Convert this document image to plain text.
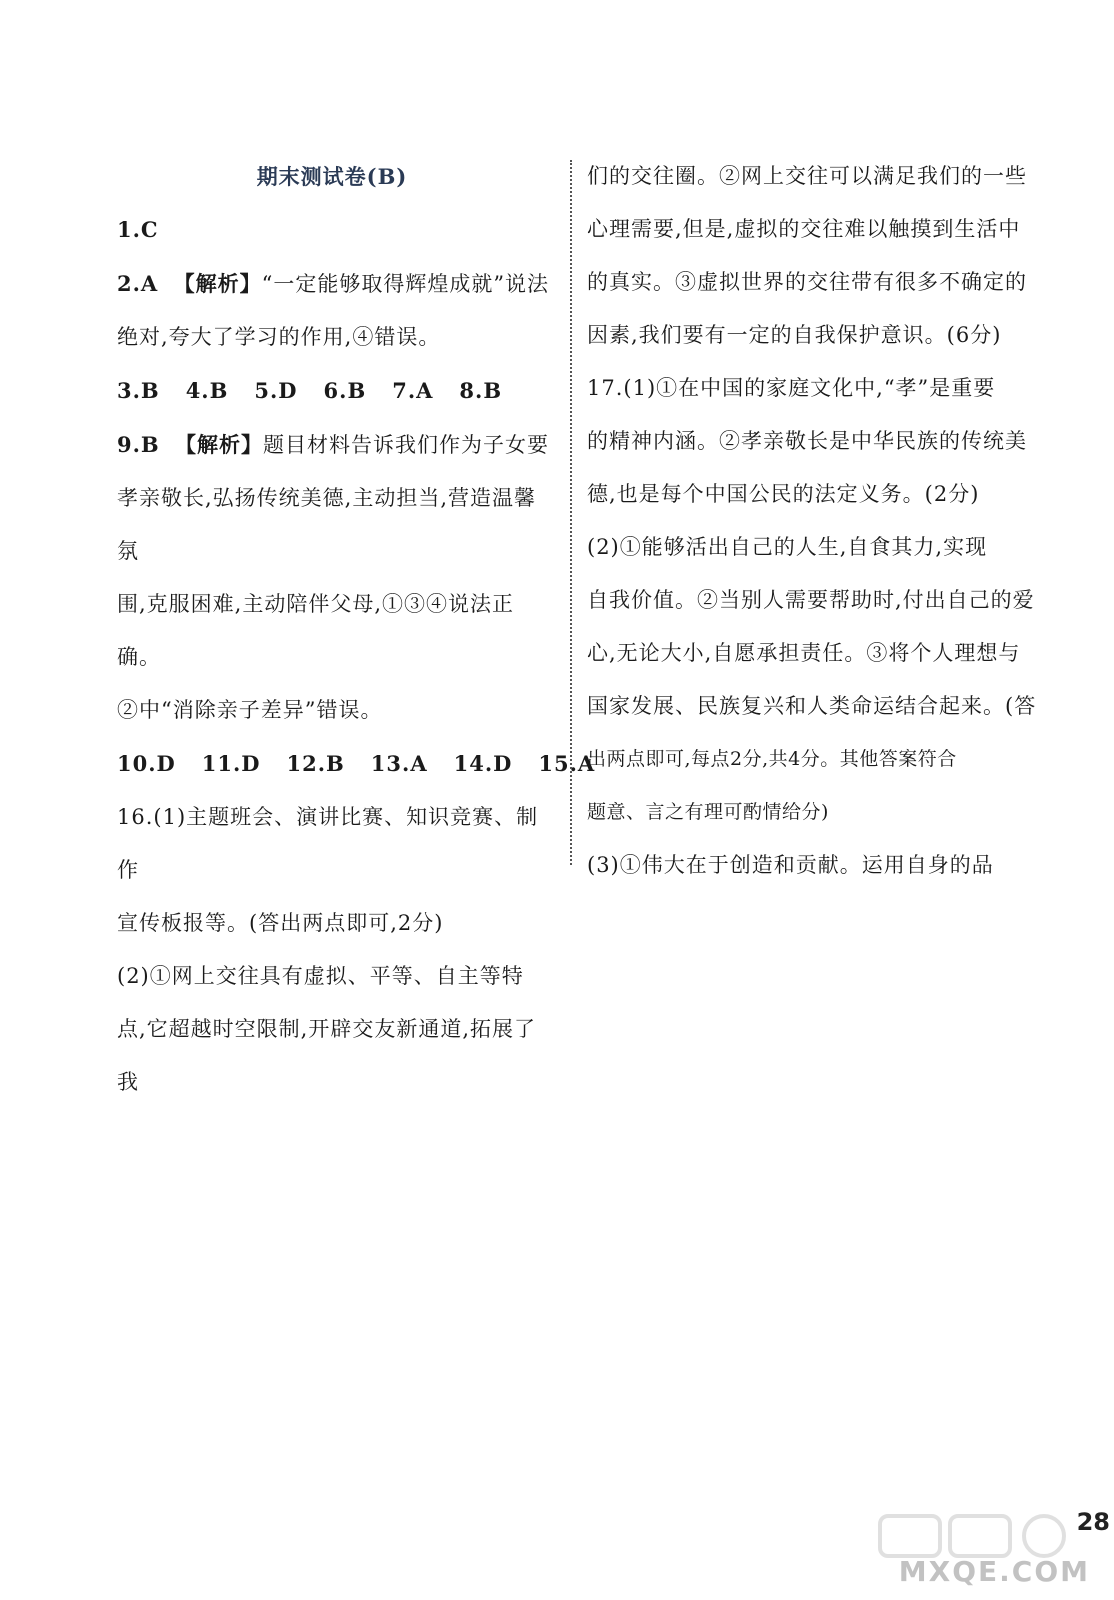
期末测试卷(B)

1.C

2.A 【解析】“一定能够取得辉煌成就”说法

绝对,夸大了学习的作用,④错误。

3.B 4.B 5.D 6.B 7.A 8.B

9.B 【解析】题目材料告诉我们作为子女要

孝亲敬长,弘扬传统美德,主动担当,营造温馨氛

围,克服困难,主动陪伴父母,①③④说法正确。

②中“消除亲子差异”错误。

10.D 11.D 12.B 13.A 14.D 15.A

16.(1)主题班会、演讲比赛、知识竞赛、制作

宣传板报等。(答出两点即可,2分)

(2)①网上交往具有虚拟、平等、自主等特

点,它超越时空限制,开辟交友新通道,拓展了我

们的交往圈。②网上交往可以满足我们的一些

心理需要,但是,虚拟的交往难以触摸到生活中

的真实。③虚拟世界的交往带有很多不确定的

因素,我们要有一定的自我保护意识。(6分)

17.(1)①在中国的家庭文化中,“孝”是重要

的精神内涵。②孝亲敬长是中华民族的传统美

德,也是每个中国公民的法定义务。(2分)

(2)①能够活出自己的人生,自食其力,实现

自我价值。②当别人需要帮助时,付出自己的爱

心,无论大小,自愿承担责任。③将个人理想与

国家发展、民族复兴和人类命运结合起来。(答

出两点即可,每点2分,共4分。其他答案符合

题意、言之有理可酌情给分)

(3)①伟大在于创造和贡献。运用自身的品

MXQE.COM
28
